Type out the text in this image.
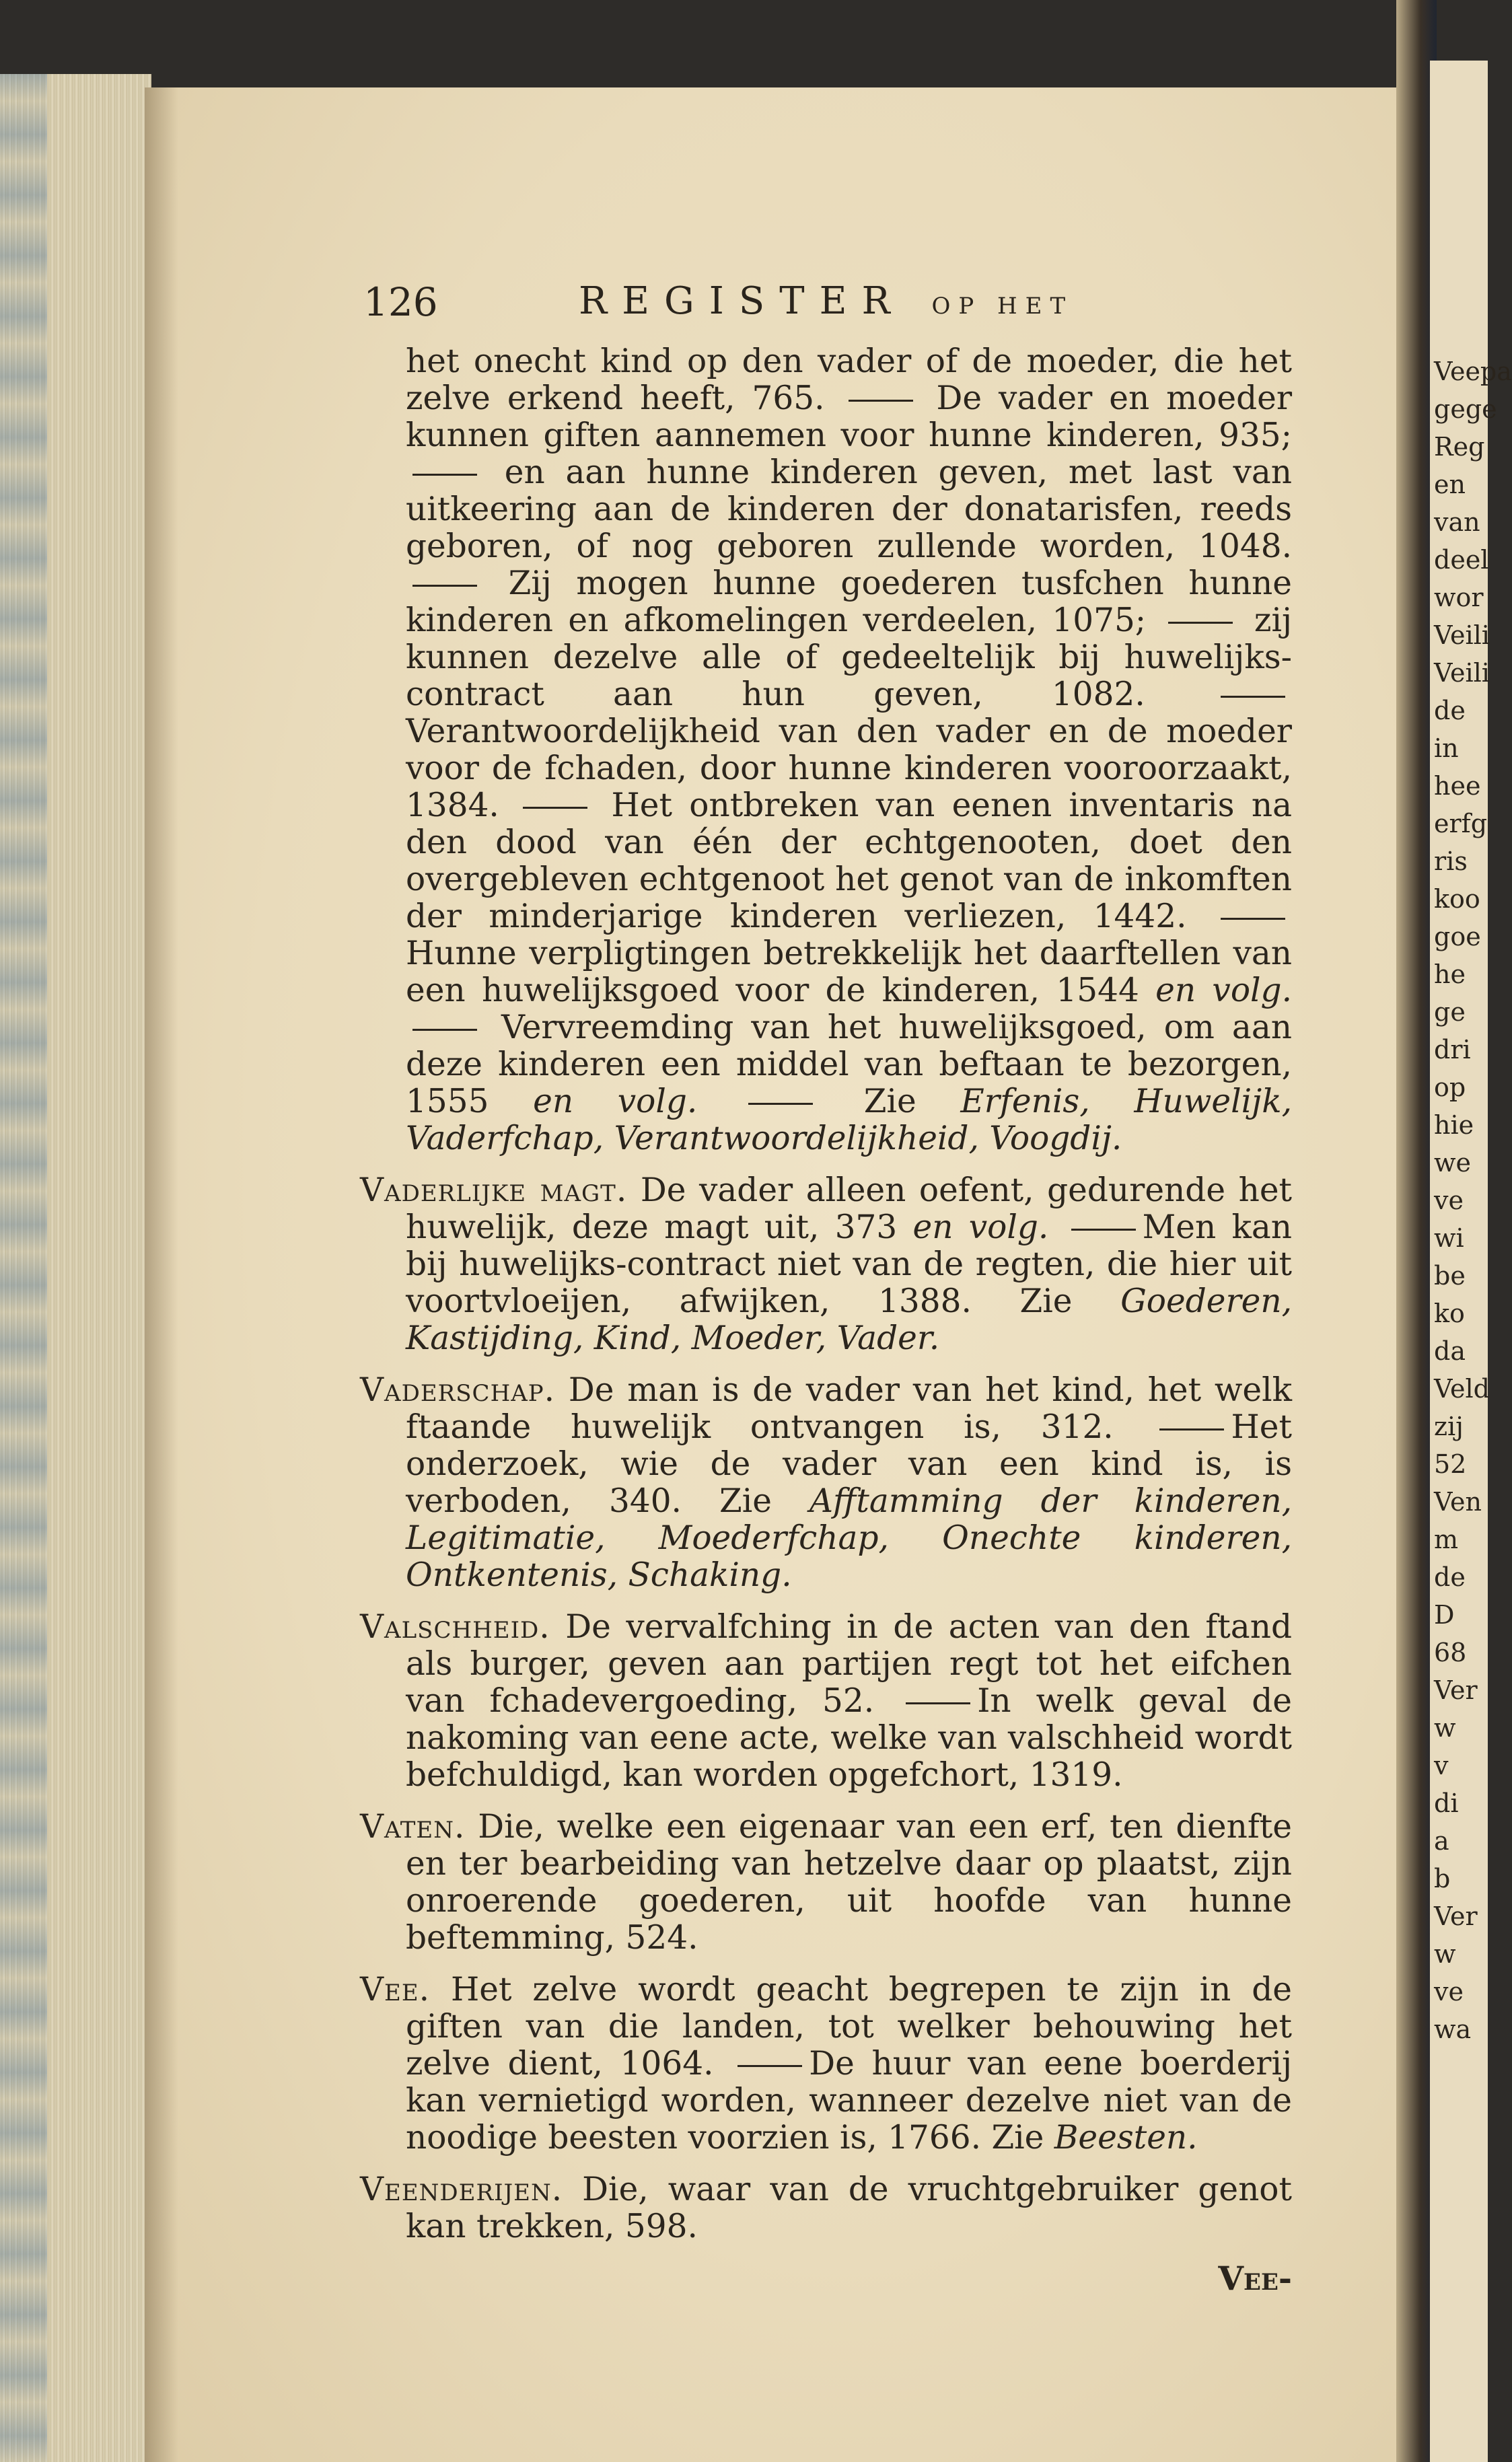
Veepa
gege
Reg
en
van
deel
wor
Veili
Veili
de
in
hee
erfg
ris
koo
goe
he
ge
dri
op
hie
we
ve
wi
be
ko
da
Veld
zij
52
Ven
m
de
D
68
Ver
w
v
di
a
b
Ver
w
ve
wa
126	REGISTER OP HET
het onecht kind op den vader of de moeder, die het zelve erkend heeft, 765.	De vader en moeder kunnen giften aannemen voor hunne kinderen, 935;  en aan hunne kinderen geven, met last van uitkeering aan de kinderen der donatarisfen, reeds geboren, of nog geboren zullende worden, 1048.  Zij mogen hunne goederen tusfchen hunne kinderen en afkomelingen verdeelen, 1075;	zij kunnen dezelve alle of gedeeltelijk bij huwelijks-contract aan hun geven, 1082.  Verantwoordelijkheid van den vader en de moeder voor de fchaden, door hunne kinderen vooroorzaakt, 1384.	Het ontbreken van eenen inventaris na den dood van één der echtgenooten, doet den overgebleven echtgenoot het genot van de inkomften der minderjarige kinderen verliezen, 1442.  Hunne verpligtingen betrekkelijk het daarftellen van een huwelijksgoed voor de kinderen, 1544 en volg.  Vervreemding van het huwelijksgoed, om aan deze kinderen een middel van beftaan te bezorgen, 1555 en volg.	Zie Erfenis, Huwelijk, Vaderfchap, Verantwoordelijkheid, Voogdij.
Vaderlijke magt. De vader alleen oefent, gedurende het huwelijk, deze magt uit, 373 en volg.	Men kan bij huwelijks-contract niet van de regten, die hier uit voortvloeijen, afwijken, 1388. Zie Goederen, Kastijding, Kind, Moeder, Vader.
Vaderschap. De man is de vader van het kind, het welk ftaande huwelijk ontvangen is, 312.	Het onderzoek, wie de vader van een kind is, is verboden, 340. Zie Afftamming der kinderen, Legitimatie, Moederfchap, Onechte kinderen, Ontkentenis, Schaking.
Valschheid. De vervalfching in de acten van den ftand als burger, geven aan partijen regt tot het eifchen van fchadevergoeding, 52.	In welk geval de nakoming van eene acte, welke van valschheid wordt befchuldigd, kan worden opgefchort, 1319.
Vaten. Die, welke een eigenaar van een erf, ten dienfte en ter bearbeiding van hetzelve daar op plaatst, zijn onroerende goederen, uit hoofde van hunne beftemming, 524.
Vee. Het zelve wordt geacht begrepen te zijn in de giften van die landen, tot welker behouwing het zelve dient, 1064.	De huur van eene boerderij kan vernietigd worden, wanneer dezelve niet van de noodige beesten voorzien is, 1766. Zie Beesten.
Veenderijen. Die, waar van de vruchtgebruiker genot kan trekken, 598.
Vee-
